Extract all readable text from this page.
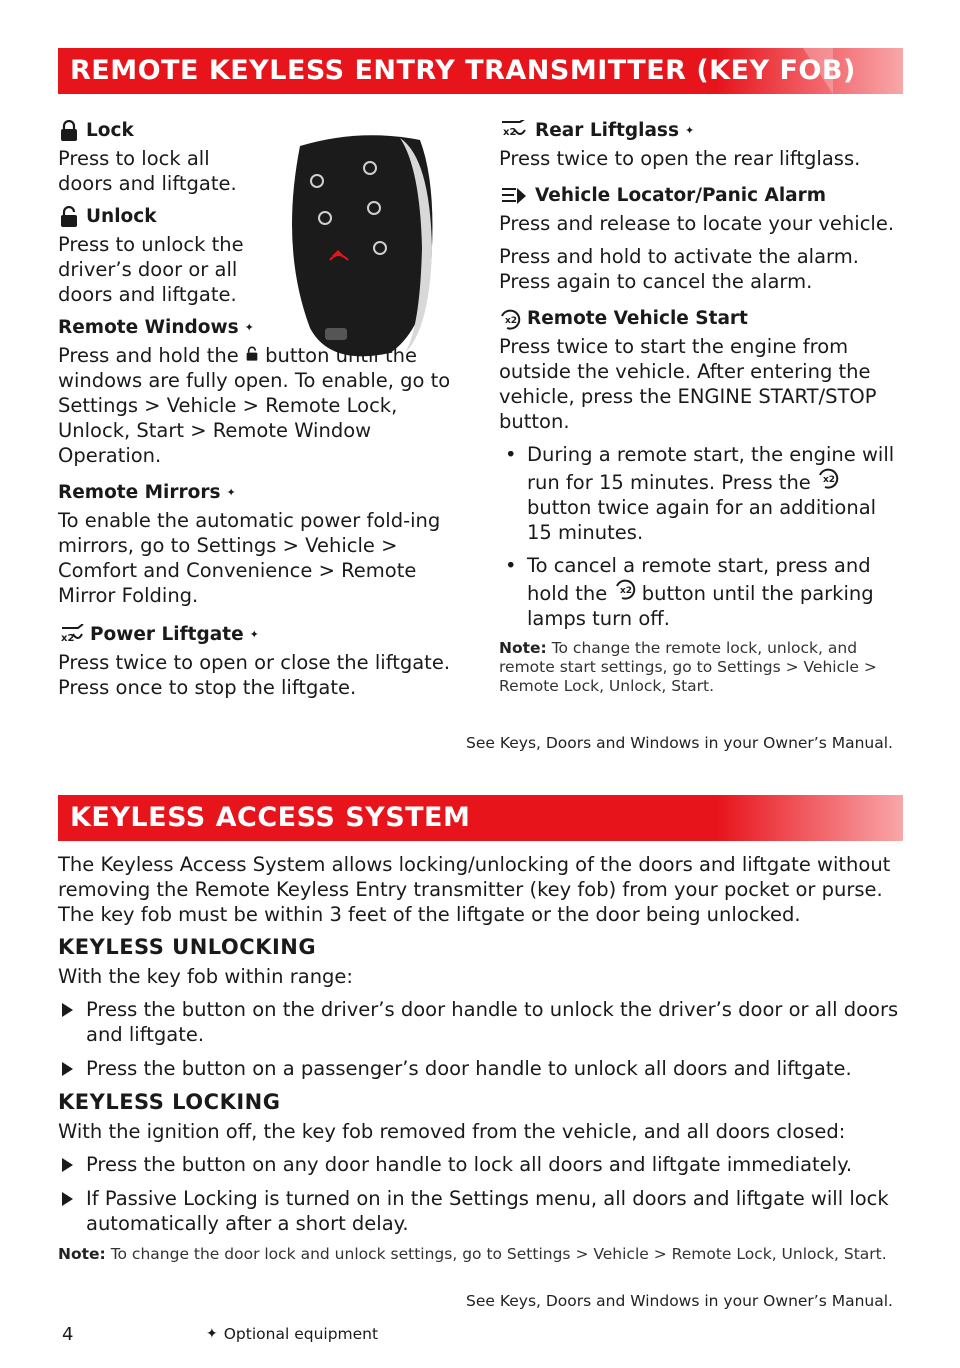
REMOTE KEYLESS ENTRY TRANSMITTER (KEY FOB)
Lock

Press to lock all doors and liftgate.

Unlock

Press to unlock the driver’s door or all doors and liftgate.

Remote Windows ✦

Press and hold the button until the windows are fully open. To enable, go to Settings > Vehicle > Remote Lock, Unlock, Start > Remote Window Operation.

Remote Mirrors ✦

To enable the automatic power fold-ing mirrors, go to Settings > Vehicle > Comfort and Convenience > Remote Mirror Folding.

x2 Power Liftgate ✦

Press twice to open or close the liftgate.

Press once to stop the liftgate.

x2 Rear Liftglass ✦

Press twice to open the rear liftglass.

Vehicle Locator/Panic Alarm

Press and release to locate your vehicle.

Press and hold to activate the alarm. Press again to cancel the alarm.

x2 Remote Vehicle Start

Press twice to start the engine from outside the vehicle. After entering the vehicle, press the ENGINE START/STOP button.

• During a remote start, the engine will run for 15 minutes. Press the x2
button twice again for an additional 15 minutes.
• To cancel a remote start, press and hold the x2 button until the parking lamps turn off.

Note: To change the remote lock, unlock, and remote start settings, go to Settings > Vehicle > Remote Lock, Unlock, Start.

See Keys, Doors and Windows in your Owner’s Manual.
KEYLESS ACCESS SYSTEM

The Keyless Access System allows locking/unlocking of the doors and liftgate without removing the Remote Keyless Entry transmitter (key fob) from your pocket or purse. The key fob must be within 3 feet of the liftgate or the door being unlocked.

KEYLESS UNLOCKING

With the key fob within range:

Press the button on the driver’s door handle to unlock the driver’s door or all doors and liftgate.
Press the button on a passenger’s door handle to unlock all doors and liftgate.
KEYLESS LOCKING

With the ignition off, the key fob removed from the vehicle, and all doors closed:

Press the button on any door handle to lock all doors and liftgate immediately.
If Passive Locking is turned on in the Settings menu, all doors and liftgate will lock automatically after a short delay.

Note: To change the door lock and unlock settings, go to Settings > Vehicle > Remote Lock, Unlock, Start.

See Keys, Doors and Windows in your Owner’s Manual.
4	✦ Optional equipment
